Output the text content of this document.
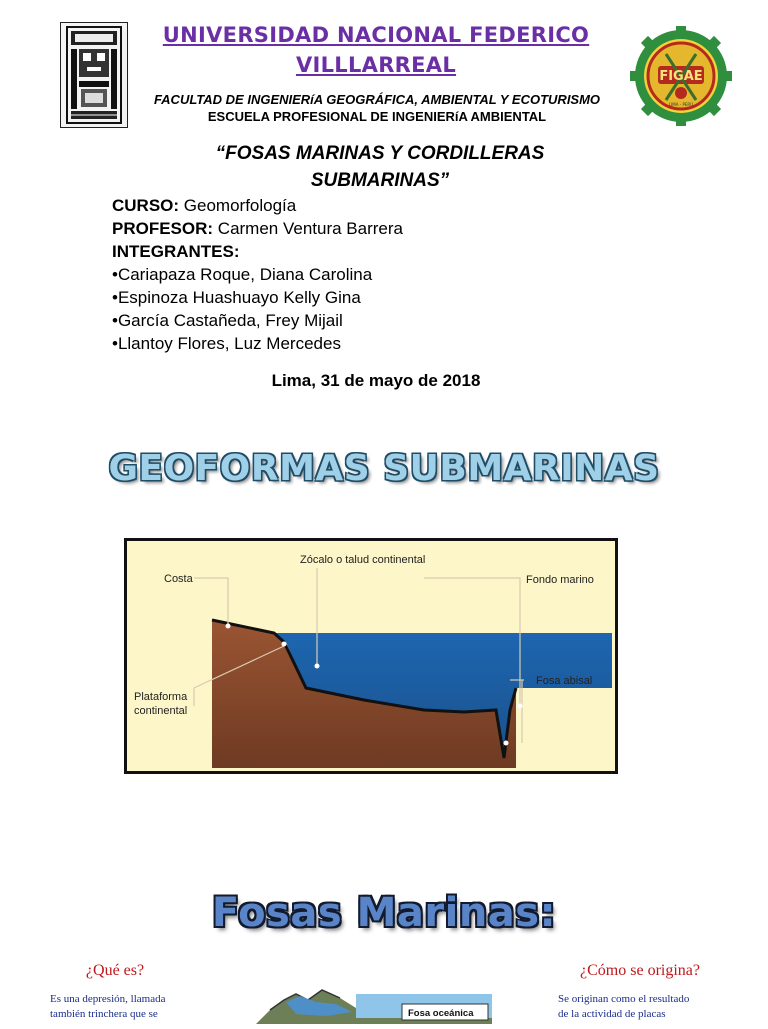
UNIVERSIDAD NACIONAL FEDERICO VILLLARREAL	FIGAE
LIMA - PERÚ
FACULTAD DE INGENIERíA GEOGRÁFICA, AMBIENTAL Y ECOTURISMO
ESCUELA PROFESIONAL DE INGENIERíA AMBIENTAL
“FOSAS MARINAS Y CORDILLERAS SUBMARINAS”
CURSO: Geomorfología
PROFESOR: Carmen Ventura Barrera
INTEGRANTES:
•Cariapaza Roque, Diana Carolina
•Espinoza Huashuayo Kelly Gina
•García Castañeda, Frey Mijail
•Llantoy Flores, Luz Mercedes
Lima, 31 de mayo de 2018
GEOFORMAS SUBMARINAS
Costa
Zócalo o talud continental
Fondo marino
Fosa abisal
Plataforma
continental
Fosas Marinas:
¿Qué es?	¿Cómo se origina?
Es una depresión, llamada
también trinchera que se
Se originan como el resultado
de la actividad de placas
Fosa oceánica
